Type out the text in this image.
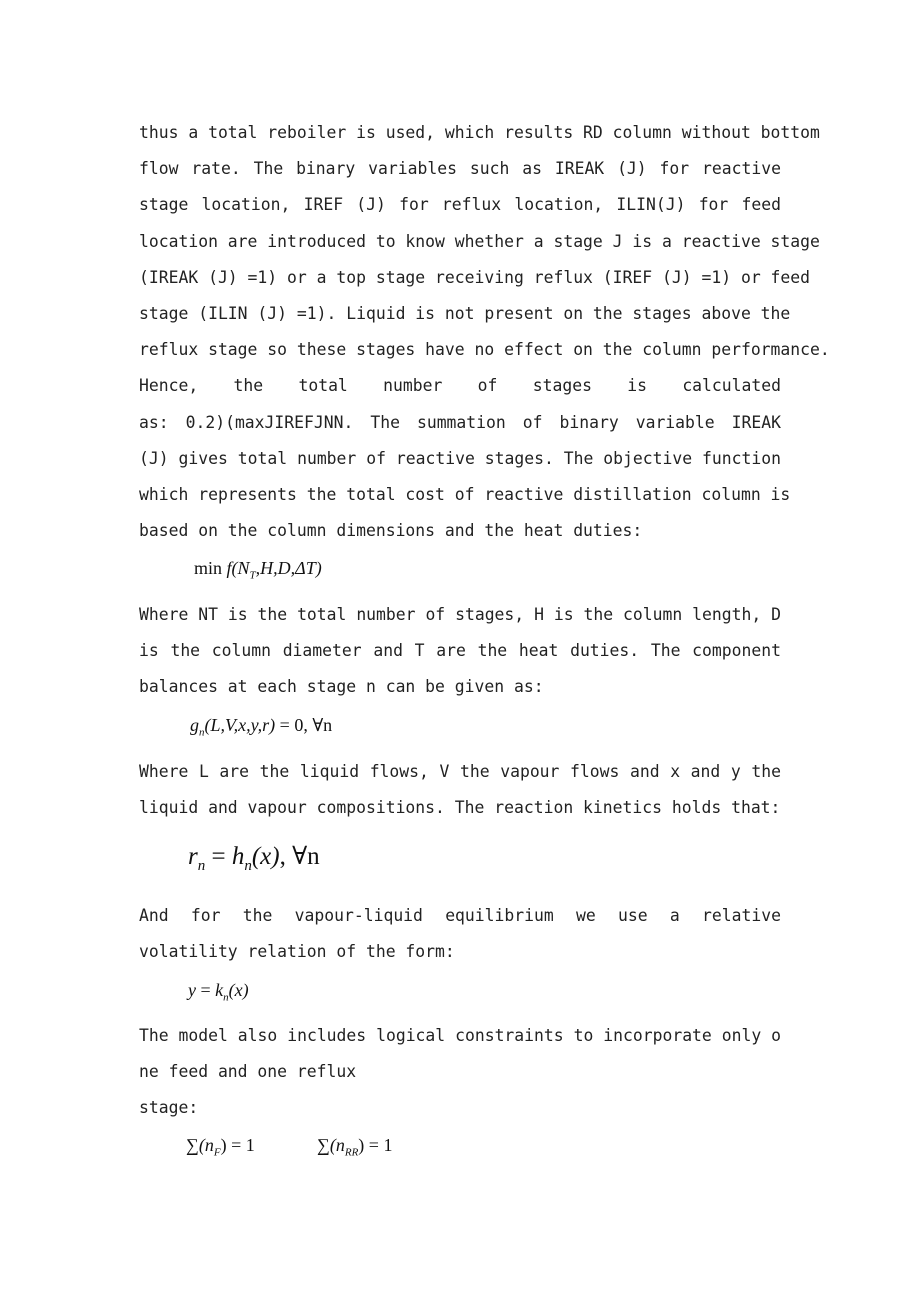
thus a total reboiler is used, which results RD column without bottom
flow rate. The binary variables such as IREAK (J) for reactive
stage location, IREF (J) for reflux location, ILIN(J) for feed
location are introduced to know whether a stage J is a reactive stage
(IREAK (J) =1) or a top stage receiving reflux (IREF (J) =1) or feed
stage (ILIN (J) =1). Liquid is not present on the stages above the
reflux stage so these stages have no effect on the column performance.
Hence, the total number of stages is calculated
as: 0.2)(maxJIREFJNN. The summation of binary variable IREAK
(J) gives total number of reactive stages. The objective function
which represents the total cost of reactive distillation column is
based on the column dimensions and the heat duties:
$\min f(N_T,H,D,\Delta T)$
Where NT is the total number of stages, H is the column length, D
is the column diameter and T are the heat duties. The component
balances at each stage n can be given as:
$g_n(L,V,x,y,r) = 0$, ∀n
Where L are the liquid flows, V the vapour flows and x and y the
liquid and vapour compositions. The reaction kinetics holds that:
$r_n = h_n(x)$, ∀n
And for the vapour-liquid equilibrium we use a relative
volatility relation of the form:
$y = k_n(x)$
The model also includes logical constraints to incorporate only o
ne feed and one reflux
stage:
$\sum(n_F) = 1$	$\sum(n_{RR}) = 1$
